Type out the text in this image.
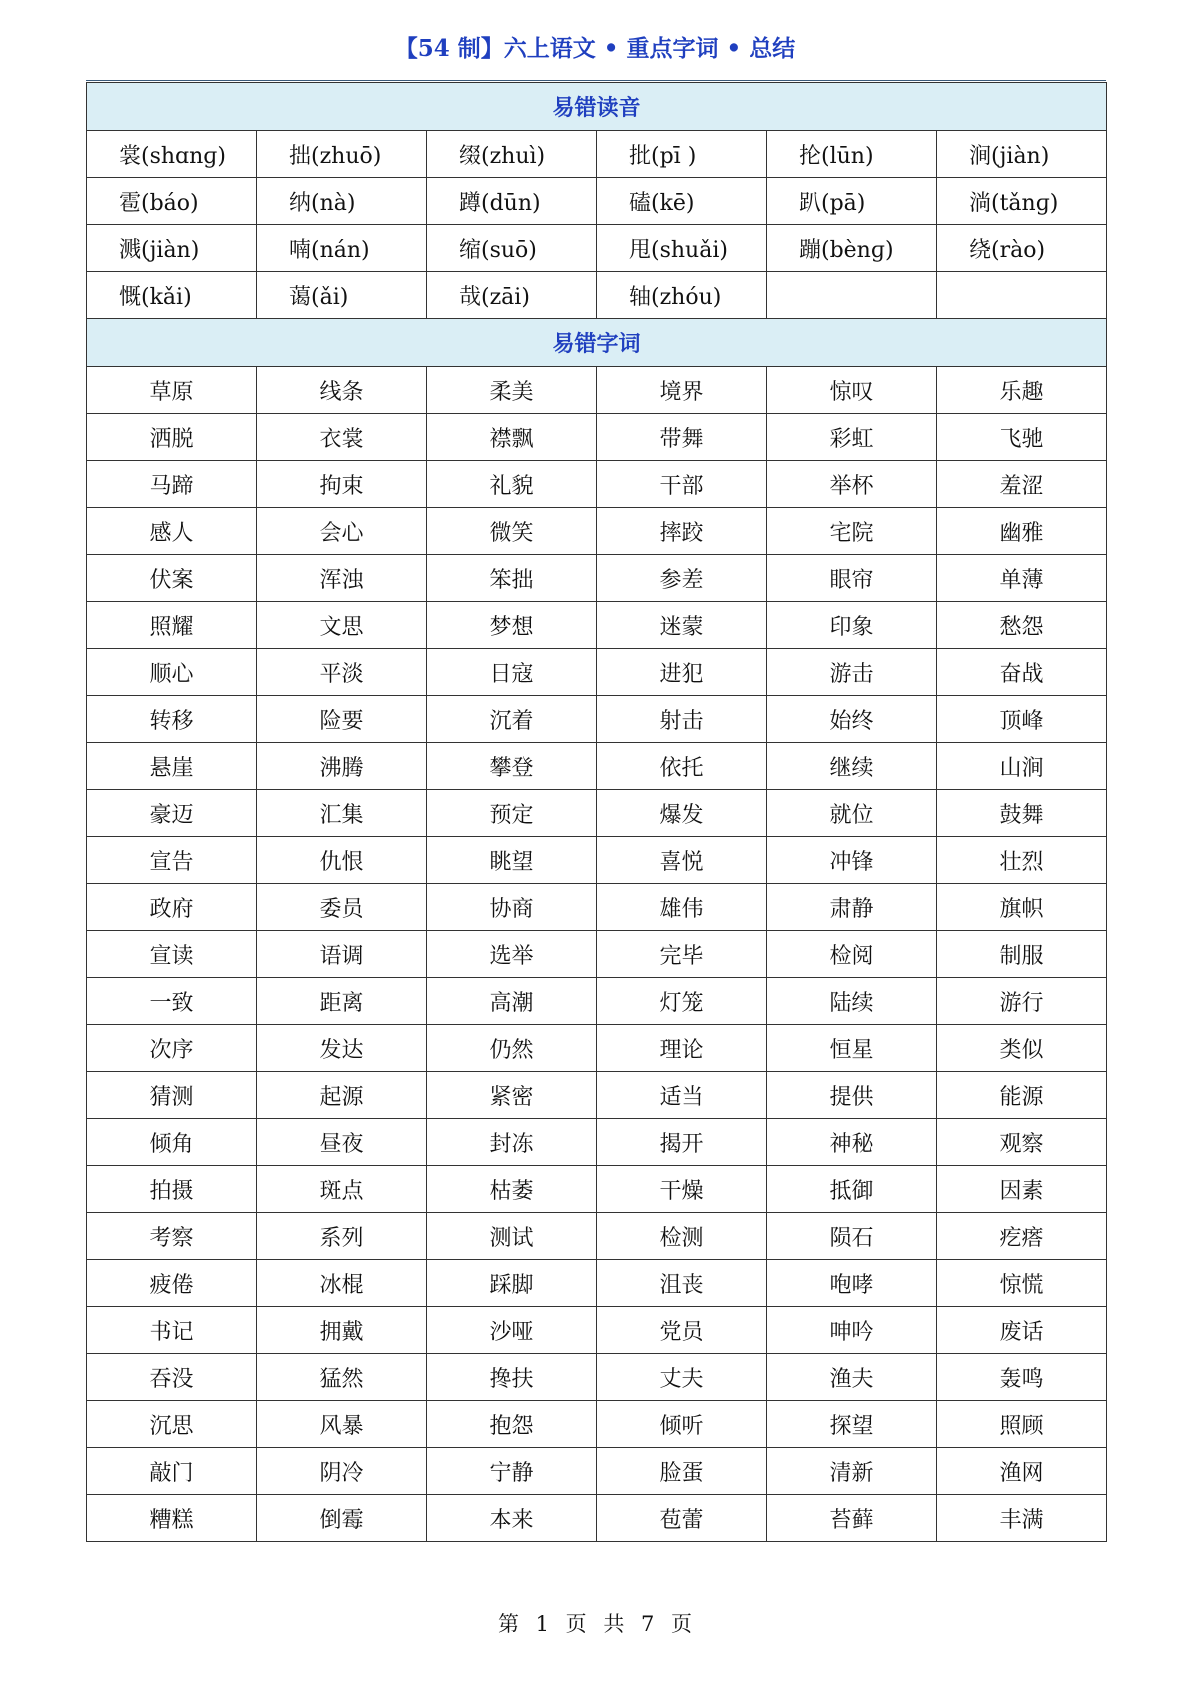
【54 制】六上语文 • 重点字词 • 总结
易错读音					
裳(shɑnɡ)	拙(zhuō)	缀(zhuì)	批(pī )	抡(lūn)	涧(jiàn)
雹(báo)	纳(nà)	蹲(dūn)	磕(kē)	趴(pā)	淌(tǎnɡ)
溅(jiàn)	喃(nán)	缩(suō)	甩(shuǎi)	蹦(bènɡ)	绕(rào)
慨(kǎi)	蔼(ǎi)	哉(zāi)	轴(zhóu)		
易错字词					
草原	线条	柔美	境界	惊叹	乐趣
洒脱	衣裳	襟飘	带舞	彩虹	飞驰
马蹄	拘束	礼貌	干部	举杯	羞涩
感人	会心	微笑	摔跤	宅院	幽雅
伏案	浑浊	笨拙	参差	眼帘	单薄
照耀	文思	梦想	迷蒙	印象	愁怨
顺心	平淡	日寇	进犯	游击	奋战
转移	险要	沉着	射击	始终	顶峰
悬崖	沸腾	攀登	依托	继续	山涧
豪迈	汇集	预定	爆发	就位	鼓舞
宣告	仇恨	眺望	喜悦	冲锋	壮烈
政府	委员	协商	雄伟	肃静	旗帜
宣读	语调	选举	完毕	检阅	制服
一致	距离	高潮	灯笼	陆续	游行
次序	发达	仍然	理论	恒星	类似
猜测	起源	紧密	适当	提供	能源
倾角	昼夜	封冻	揭开	神秘	观察
拍摄	斑点	枯萎	干燥	抵御	因素
考察	系列	测试	检测	陨石	疙瘩
疲倦	冰棍	踩脚	沮丧	咆哮	惊慌
书记	拥戴	沙哑	党员	呻吟	废话
吞没	猛然	搀扶	丈夫	渔夫	轰鸣
沉思	风暴	抱怨	倾听	探望	照顾
敲门	阴冷	宁静	脸蛋	清新	渔网
糟糕	倒霉	本来	苞蕾	苔藓	丰满
第 1 页 共 7 页
